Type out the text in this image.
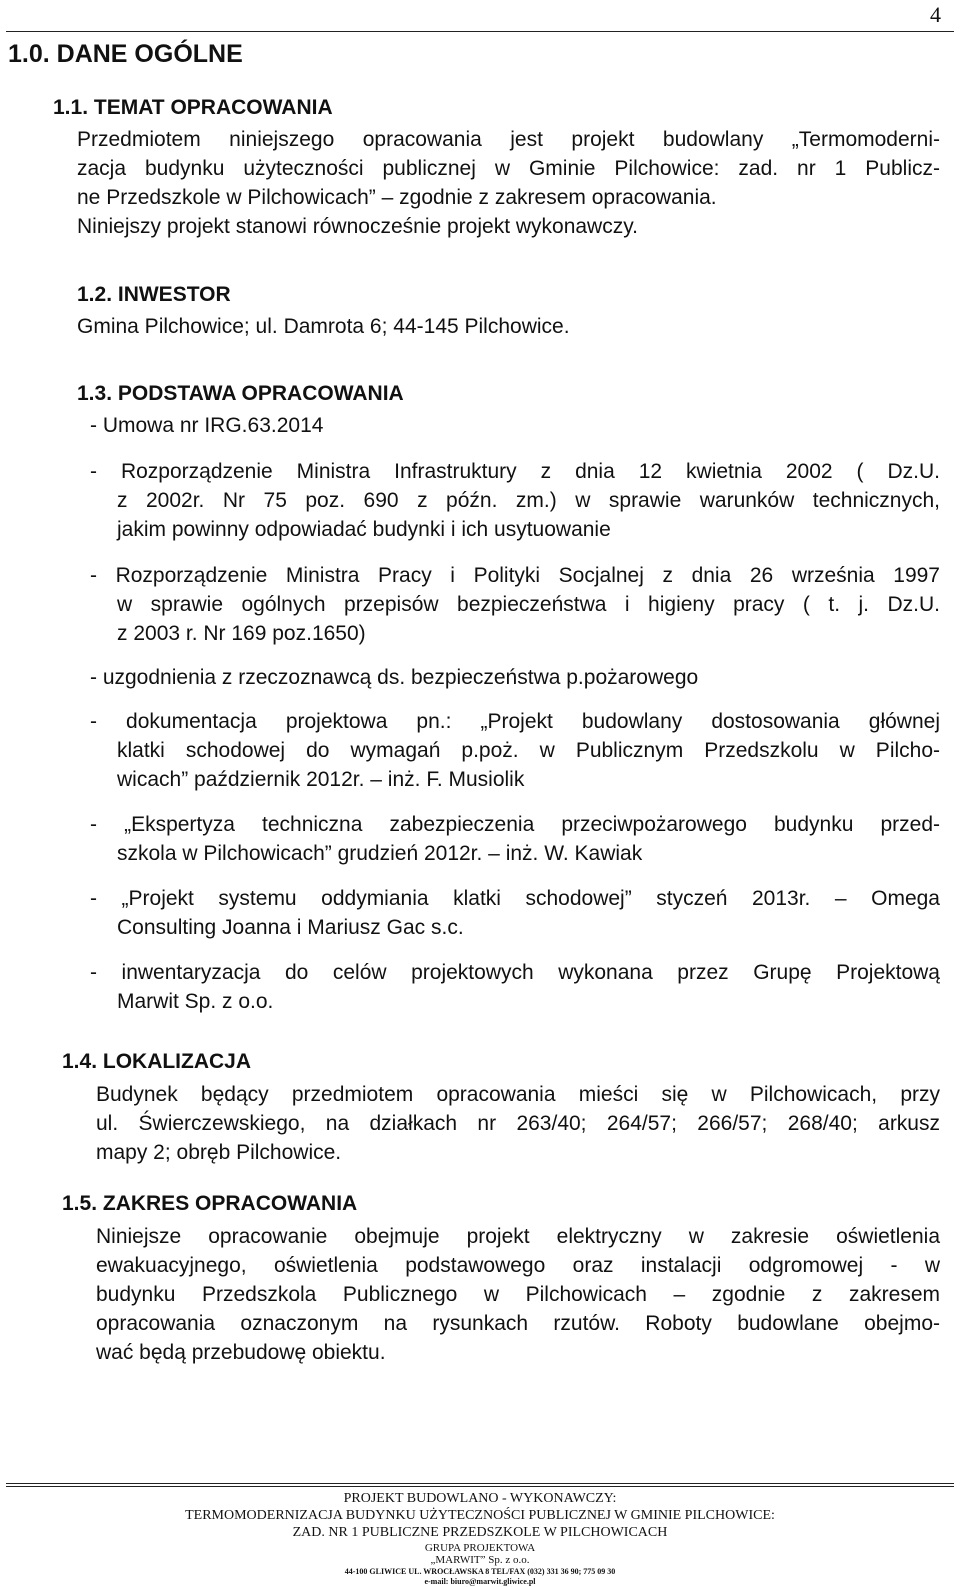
4
1.0. DANE OGÓLNE
1.1. TEMAT OPRACOWANIA
Przedmiotem niniejszego opracowania jest projekt budowlany „Termomoderni-
zacja budynku użyteczności publicznej w Gminie Pilchowice: zad. nr 1 Publicz-
ne Przedszkole w Pilchowicach” – zgodnie z zakresem opracowania.
Niniejszy projekt stanowi równocześnie projekt wykonawczy.
1.2. INWESTOR
Gmina Pilchowice; ul. Damrota 6; 44-145 Pilchowice.
1.3. PODSTAWA OPRACOWANIA
- Umowa nr IRG.63.2014
- Rozporządzenie Ministra Infrastruktury z dnia 12 kwietnia 2002 ( Dz.U.
z 2002r. Nr 75 poz. 690 z późn. zm.) w sprawie warunków technicznych,
jakim powinny odpowiadać budynki i ich usytuowanie
- Rozporządzenie Ministra Pracy i Polityki Socjalnej z dnia 26 września 1997
w sprawie ogólnych przepisów bezpieczeństwa i higieny pracy ( t. j. Dz.U.
z 2003 r. Nr 169 poz.1650)
- uzgodnienia z rzeczoznawcą ds. bezpieczeństwa p.pożarowego
- dokumentacja projektowa pn.: „Projekt budowlany dostosowania głównej
klatki schodowej do wymagań p.poż. w Publicznym Przedszkolu w Pilcho-
wicach” październik 2012r. – inż. F. Musiolik
- „Ekspertyza techniczna zabezpieczenia przeciwpożarowego budynku przed-
szkola w Pilchowicach” grudzień 2012r. – inż. W. Kawiak
- „Projekt systemu oddymiania klatki schodowej” styczeń 2013r. – Omega
Consulting Joanna i Mariusz Gac s.c.
- inwentaryzacja do celów projektowych wykonana przez Grupę Projektową
Marwit Sp. z o.o.
1.4. LOKALIZACJA
Budynek będący przedmiotem opracowania mieści się w Pilchowicach, przy
ul. Świerczewskiego, na działkach nr 263/40; 264/57; 266/57; 268/40; arkusz
mapy 2; obręb Pilchowice.
1.5. ZAKRES OPRACOWANIA
Niniejsze opracowanie obejmuje projekt elektryczny w zakresie oświetlenia
ewakuacyjnego, oświetlenia podstawowego oraz instalacji odgromowej - w
budynku Przedszkola Publicznego w Pilchowicach – zgodnie z zakresem
opracowania oznaczonym na rysunkach rzutów. Roboty budowlane obejmo-
wać będą przebudowę obiektu.
PROJEKT BUDOWLANO - WYKONAWCZY:
TERMOMODERNIZACJA BUDYNKU UŻYTECZNOŚCI PUBLICZNEJ W GMINIE PILCHOWICE:
ZAD. NR 1 PUBLICZNE PRZEDSZKOLE W PILCHOWICACH
GRUPA PROJEKTOWA
„MARWIT” Sp. z o.o.
44-100 GLIWICE UL. WROCŁAWSKA 8 TEL/FAX (032) 331 36 90; 775 09 30
e-mail: biuro@marwit.gliwice.pl
